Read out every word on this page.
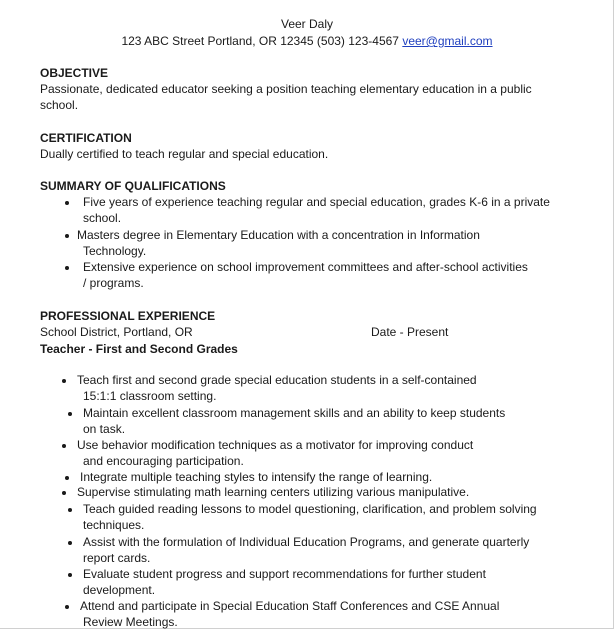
Veer Daly
123 ABC Street Portland, OR 12345 (503) 123-4567 veer@gmail.com
OBJECTIVE
Passionate, dedicated educator seeking a position teaching elementary education in a public
school.
CERTIFICATION
Dually certified to teach regular and special education.
SUMMARY OF QUALIFICATIONS
Five years of experience teaching regular and special education, grades K-6 in a private
school.
Masters degree in Elementary Education with a concentration in Information
Technology.
Extensive experience on school improvement committees and after-school activities
/ programs.
PROFESSIONAL EXPERIENCE
School District, Portland, OR	Date - Present
Teacher - First and Second Grades
Teach first and second grade special education students in a self-contained
15:1:1 classroom setting.
Maintain excellent classroom management skills and an ability to keep students
on task.
Use behavior modification techniques as a motivator for improving conduct
and encouraging participation.
Integrate multiple teaching styles to intensify the range of learning.
Supervise stimulating math learning centers utilizing various manipulative.
Teach guided reading lessons to model questioning, clarification, and problem solving
techniques.
Assist with the formulation of Individual Education Programs, and generate quarterly
report cards.
Evaluate student progress and support recommendations for further student
development.
Attend and participate in Special Education Staff Conferences and CSE Annual
Review Meetings.
